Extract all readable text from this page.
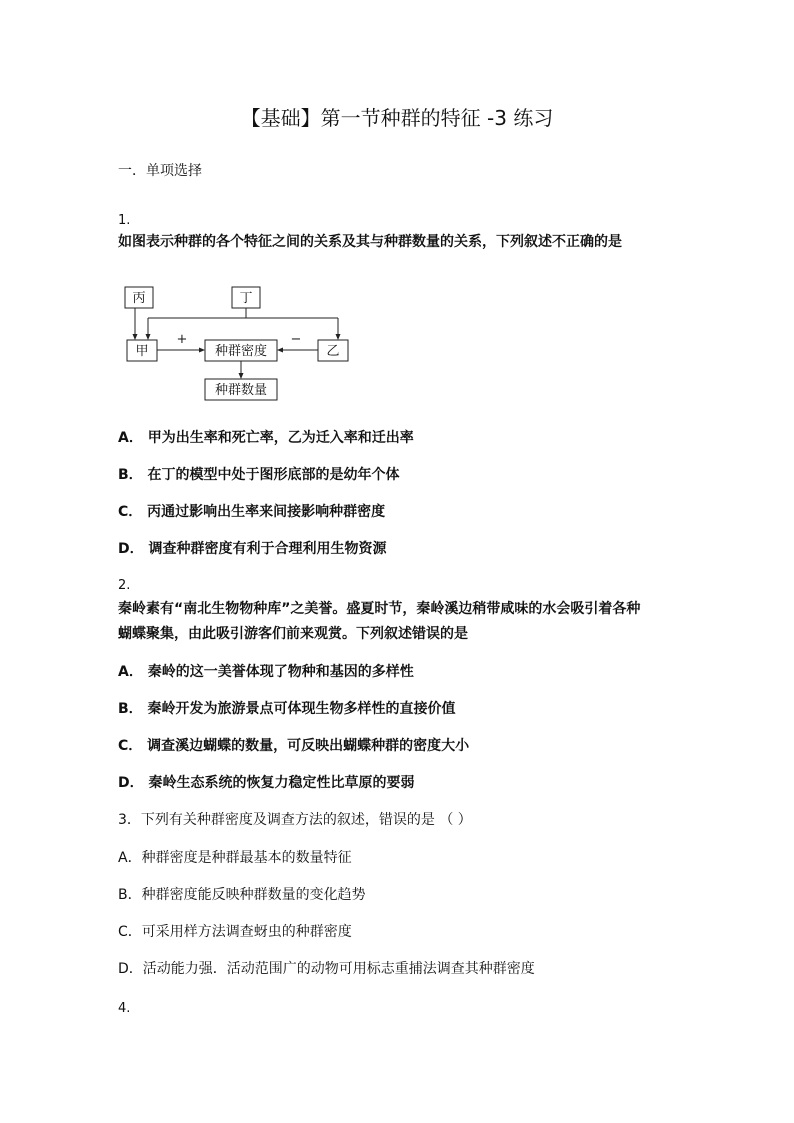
【基础】第一节种群的特征 -3 练习
一．单项选择
1.
如图表示种群的各个特征之间的关系及其与种群数量的关系，下列叙述不正确的是
丙	丁
甲	种群密度	乙
种群数量
+	−
A． 甲为出生率和死亡率，乙为迁入率和迁出率
B． 在丁的模型中处于图形底部的是幼年个体
C． 丙通过影响出生率来间接影响种群密度
D． 调查种群密度有利于合理利用生物资源
2.
秦岭素有“南北生物物种库”之美誉。盛夏时节，秦岭溪边稍带咸味的水会吸引着各种
蝴蝶聚集，由此吸引游客们前来观赏。下列叙述错误的是
A． 秦岭的这一美誉体现了物种和基因的多样性
B． 秦岭开发为旅游景点可体现生物多样性的直接价值
C． 调查溪边蝴蝶的数量，可反映出蝴蝶种群的密度大小
D． 秦岭生态系统的恢复力稳定性比草原的要弱
3．下列有关种群密度及调查方法的叙述，错误的是 （ ）
A．种群密度是种群最基本的数量特征
B．种群密度能反映种群数量的变化趋势
C．可采用样方法调查蚜虫的种群密度
D．活动能力强．活动范围广的动物可用标志重捕法调查其种群密度
4.
